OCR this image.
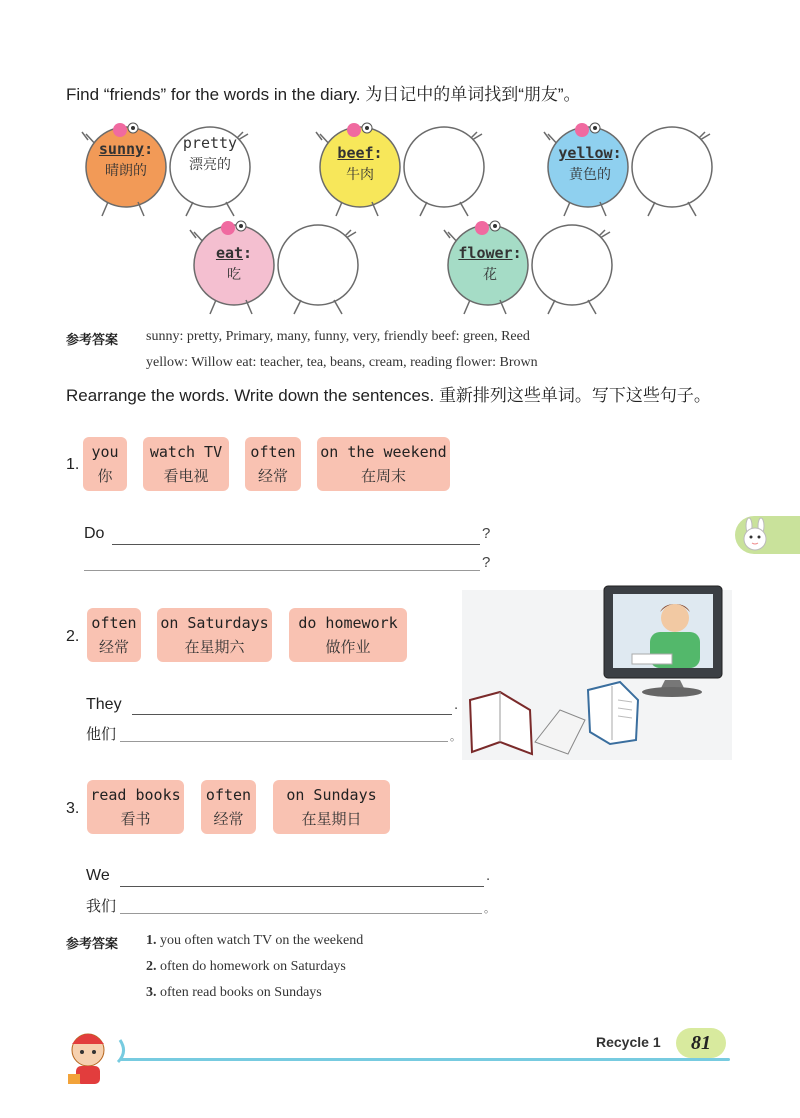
Find “friends” for the words in the diary. 为日记中的单词找到“朋友”。
sunny:
晴朗的
pretty
漂亮的
beef:
牛肉
yellow:
黄色的
eat:
吃
flower:
花
参考答案 sunny: pretty, Primary, many, funny, very, friendly beef: green, Reed
yellow: Willow eat: teacher, tea, beans, cream, reading flower: Brown
Rearrange the words. Write down the sentences. 重新排列这些单词。写下这些句子。
1.
you
你
watch TV
看电视
often
经常
on the weekend
在周末
Do	?
?
2.
often
经常
on Saturdays
在星期六
do homework
做作业
They	.
他们	。
3.
read books
看书
often
经常
on Sundays
在星期日
We	.
我们	。
参考答案 1. you often watch TV on the weekend
2. often do homework on Saturdays
3. often read books on Sundays
Recycle 1	81
